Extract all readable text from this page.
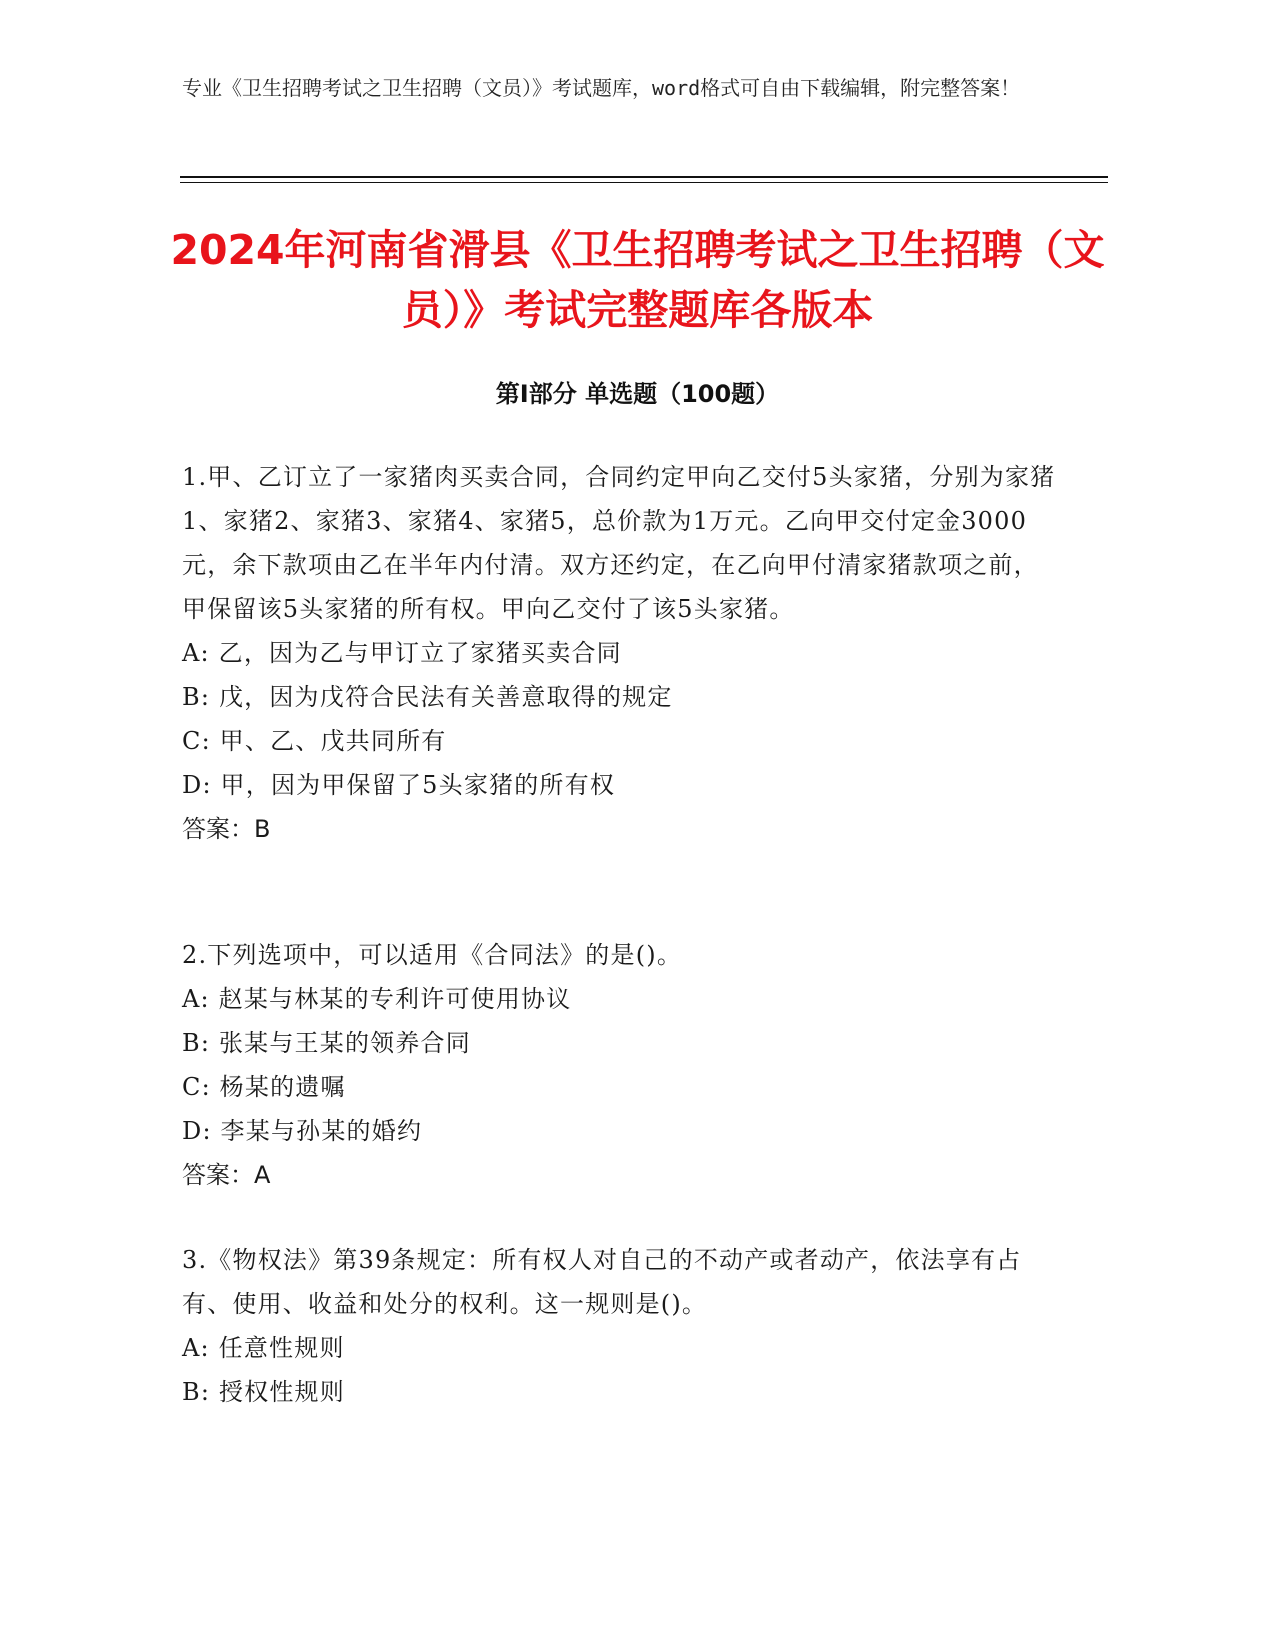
专业《卫生招聘考试之卫生招聘（文员）》考试题库，word格式可自由下载编辑，附完整答案！
2024年河南省滑县《卫生招聘考试之卫生招聘（文员）》考试完整题库各版本
第I部分 单选题（100题）

1.甲、乙订立了一家猪肉买卖合同，合同约定甲向乙交付5头家猪，分别为家猪1、家猪2、家猪3、家猪4、家猪5，总价款为1万元。乙向甲交付定金3000元，余下款项由乙在半年内付清。双方还约定，在乙向甲付清家猪款项之前，甲保留该5头家猪的所有权。甲向乙交付了该5头家猪。

A: 乙，因为乙与甲订立了家猪买卖合同

B: 戊，因为戊符合民法有关善意取得的规定

C: 甲、乙、戊共同所有

D: 甲，因为甲保留了5头家猪的所有权

答案：B

2.下列选项中，可以适用《合同法》的是()。

A: 赵某与林某的专利许可使用协议

B: 张某与王某的领养合同

C: 杨某的遗嘱

D: 李某与孙某的婚约

答案：A

3.《物权法》第39条规定：所有权人对自己的不动产或者动产，依法享有占有、使用、收益和处分的权利。这一规则是()。

A: 任意性规则

B: 授权性规则
